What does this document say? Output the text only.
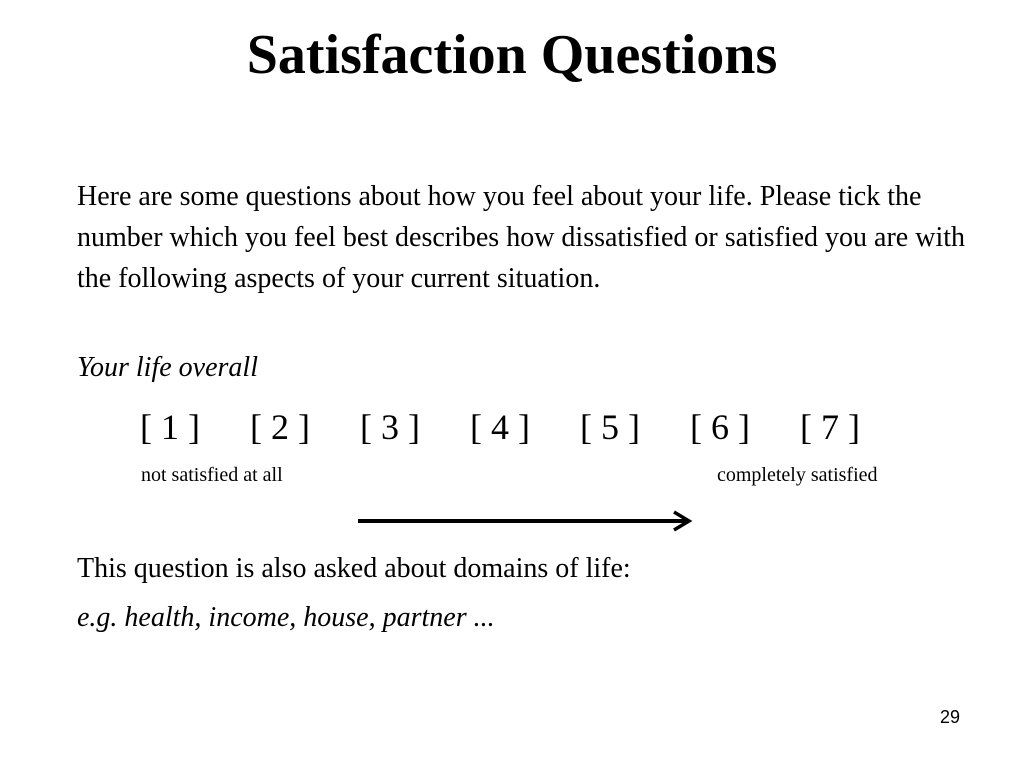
Satisfaction Questions
Here are some questions about how you feel about your life. Please tick the number which you feel best describes how dissatisfied or satisfied you are with the following aspects of your current situation.
Your life overall
[ 1 ]	[ 2 ]	[ 3 ]	[ 4 ]	[ 5 ]	[ 6 ]	[ 7 ]
not satisfied at all	completely satisfied
This question is also asked about domains of life:
e.g. health, income, house, partner ...
29
